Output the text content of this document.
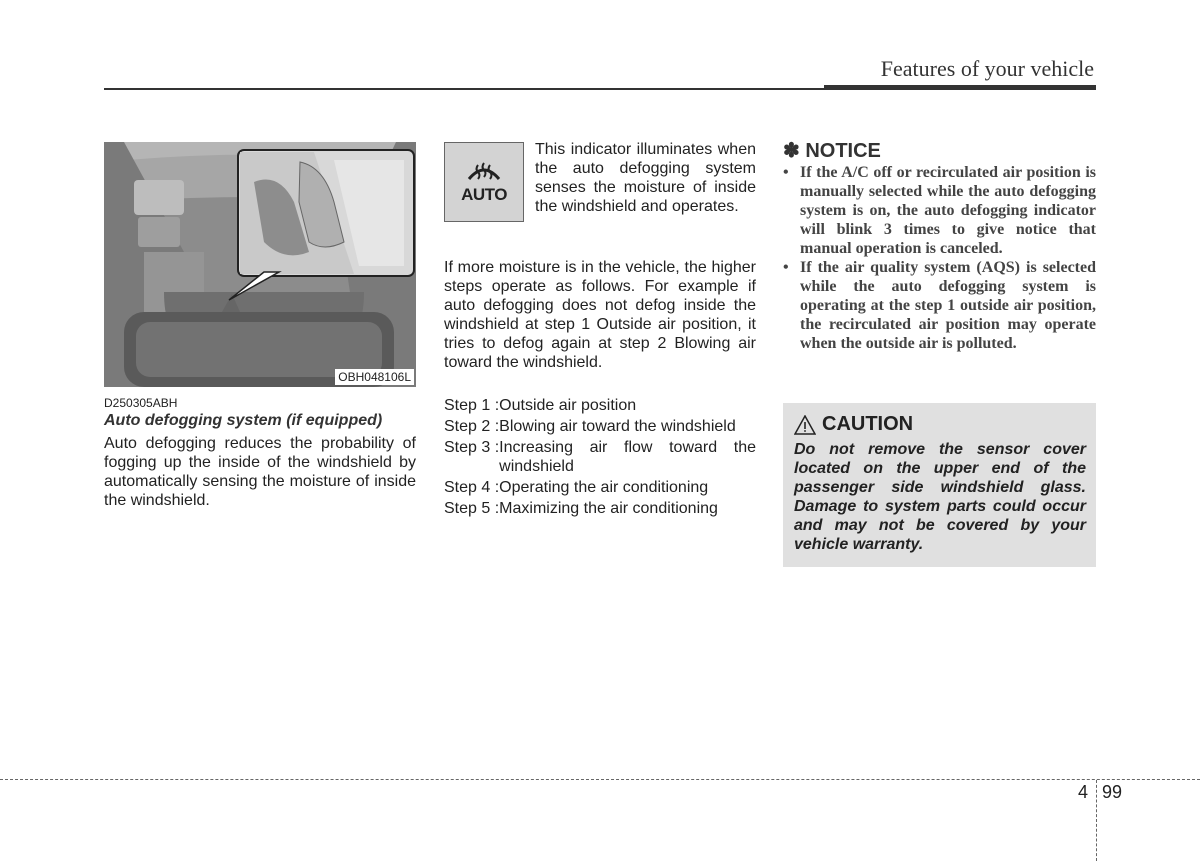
Features of your vehicle
OBH048106L
D250305ABH
Auto defogging system (if equipped)
Auto defogging reduces the probability of fogging up the inside of the windshield by automatically sensing the moisture of inside the windshield.
AUTO
This indicator illuminates when the auto defogging system senses the moisture of inside the windshield and operates.
If more moisture is in the vehicle, the higher steps operate as follows. For example if auto defogging does not defog inside the windshield at step 1 Outside air position, it tries to defog again at step 2 Blowing air toward the windshield.
Step 1 : Outside air position
Step 2 : Blowing air toward the windshield
Step 3 : Increasing air flow toward the windshield
Step 4 : Operating the air conditioning
Step 5 : Maximizing the air conditioning
✽ NOTICE
• If the A/C off or recirculated air position is manually selected while the auto defogging system is on, the auto defogging indicator will blink 3 times to give notice that manual operation is canceled.
• If the air quality system (AQS) is selected while the auto defogging system is operating at the step 1 outside air position, the recirculated air position may operate when the outside air is polluted.
CAUTION
Do not remove the sensor cover located on the upper end of the passenger side windshield glass. Damage to system parts could occur and may not be covered by your vehicle warranty.
4 99
